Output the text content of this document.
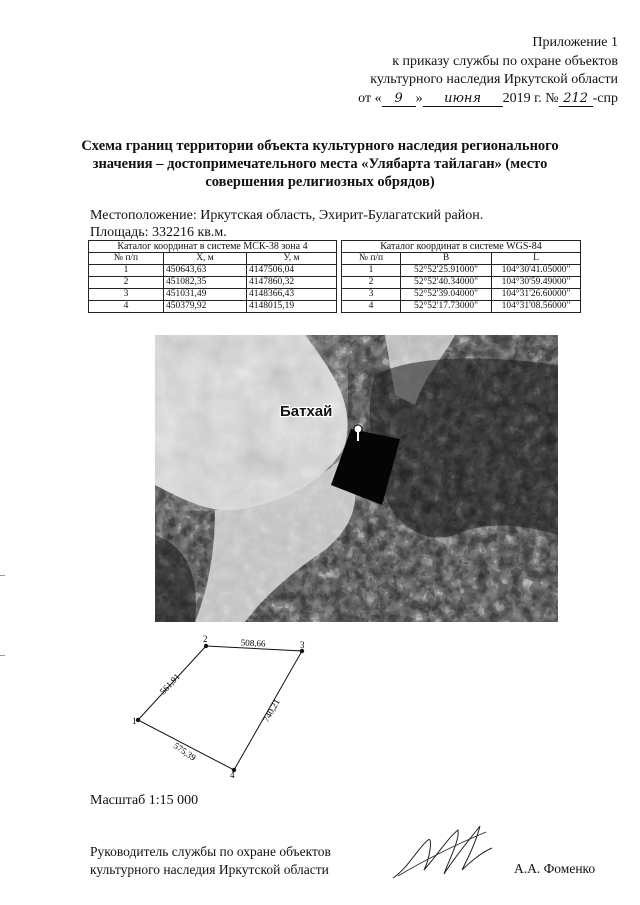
Приложение 1
к приказу службы по охране объектов
культурного наследия Иркутской области
от « 9 » июня 2019 г. № 212 -спр
Схема границ территории объекта культурного наследия регионального
значения – достопримечательного места «Улябарта тайлаган» (место
совершения религиозных обрядов)
Местоположение: Иркутская область, Эхирит-Булагатский район.
Площадь: 332216 кв.м.
Каталог координат в системе МСК-38 зона 4		
№ п/п	X, м	У, м
1	450643,63	4147506,04
2	451082,35	4147860,32
3	451031,49	4148366,43
4	450379,92	4148015,19
Каталог координат в системе WGS-84		
№ п/п	B	L
1	52°52'25.91000"	104°30'41.05000"
2	52°52'40.34000"	104°30'59.49000"
3	52°52'39.04000"	104°31'26.60000"
4	52°52'17.73000"	104°31'08.56000"
Батхай
1
2
3
4
561,91
508,66
740,21
575,39
Масштаб 1:15 000
Руководитель службы по охране объектов
культурного наследия Иркутской области	А.А. Фоменко
